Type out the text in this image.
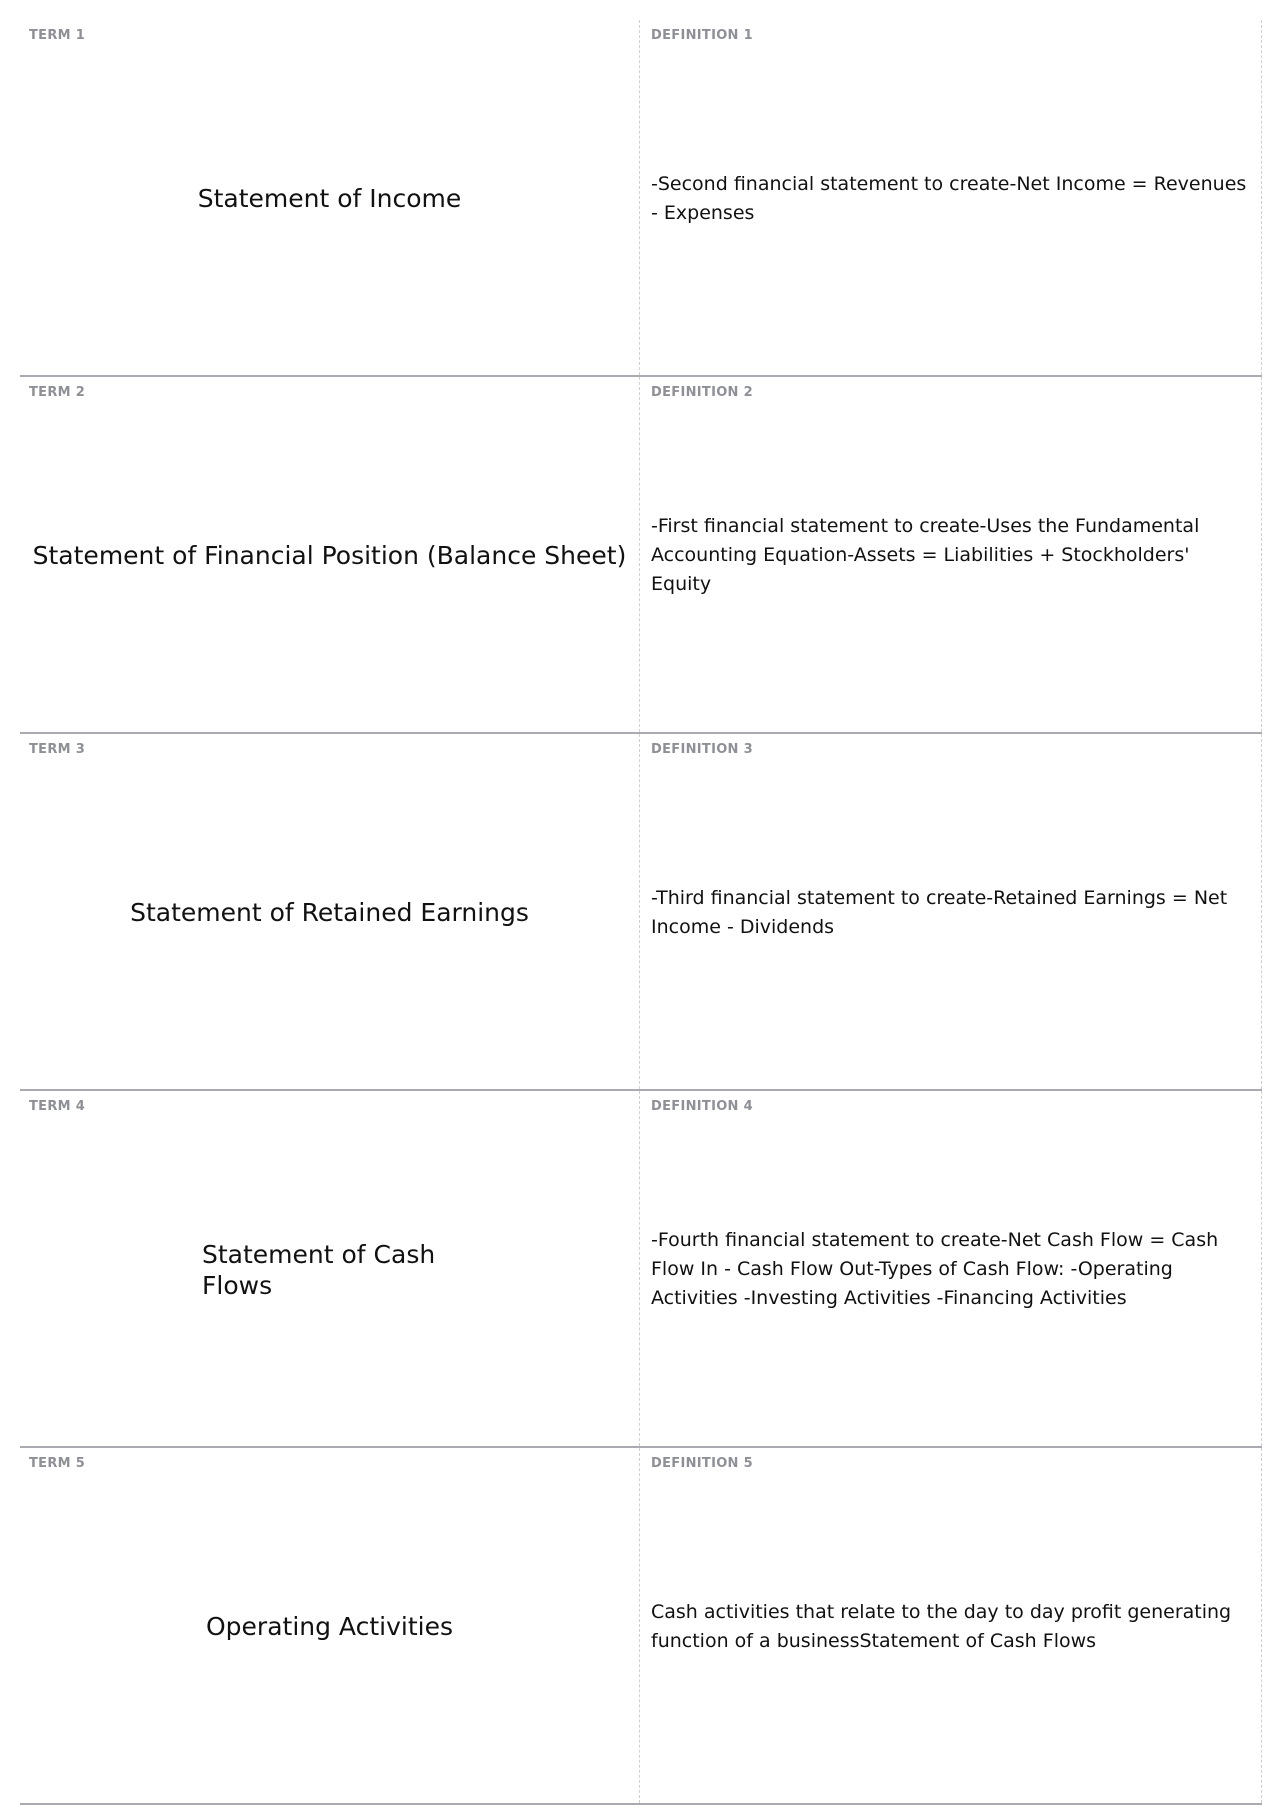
TERM 1
Statement of Income
DEFINITION 1
-Second financial statement to create-Net Income = Revenues - Expenses
TERM 2
Statement of Financial Position (Balance Sheet)
DEFINITION 2
-First financial statement to create-Uses the Fundamental Accounting Equation-Assets = Liabilities + Stockholders' Equity
TERM 3
Statement of Retained Earnings
DEFINITION 3
-Third financial statement to create-Retained Earnings = Net Income - Dividends
TERM 4
Statement of Cash Flows
DEFINITION 4
-Fourth financial statement to create-Net Cash Flow = Cash Flow In - Cash Flow Out-Types of Cash Flow: -Operating Activities -Investing Activities -Financing Activities
TERM 5
Operating Activities
DEFINITION 5
Cash activities that relate to the day to day profit generating function of a businessStatement of Cash Flows
